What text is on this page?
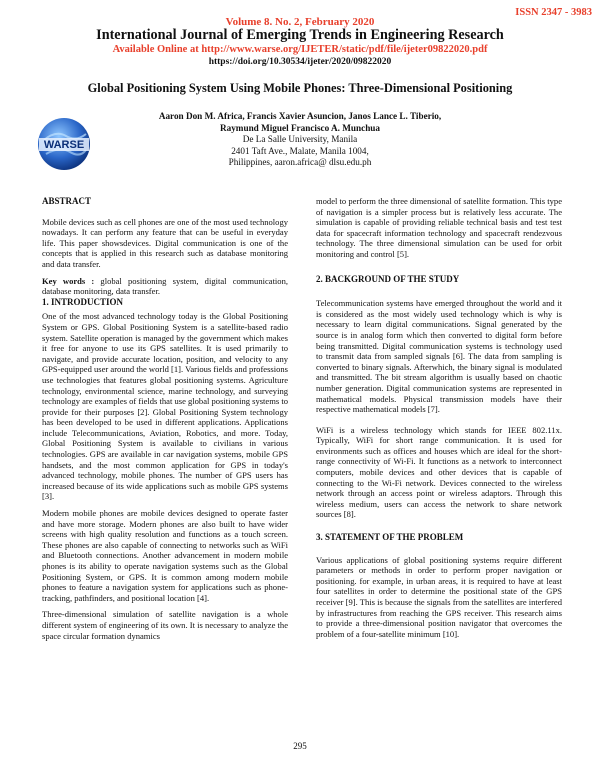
ISSN 2347 - 3983
Volume 8. No. 2, February 2020
International Journal of Emerging Trends in Engineering Research
Available Online at http://www.warse.org/IJETER/static/pdf/file/ijeter09822020.pdf
https://doi.org/10.30534/ijeter/2020/09822020
Global Positioning System Using Mobile Phones: Three-Dimensional Positioning
WARSE
Aaron Don M. Africa, Francis Xavier Asuncion, Janos Lance L. Tiberio,
Raymund Miguel Francisco A. Munchua
De La Salle University, Manila
2401 Taft Ave., Malate, Manila 1004,
Philippines, aaron.africa@ dlsu.edu.ph
ABSTRACT

Mobile devices such as cell phones are one of the most used technology nowadays. It can perform any feature that can be useful in everyday life. This paper showsdevices. Digital communication is one of the concepts that is applied in this research such as database monitoring and data transfer.

Key words : global positioning system, digital communication, database monitoring, data transfer.

1. INTRODUCTION

One of the most advanced technology today is the Global Positioning System or GPS. Global Positioning System is a satellite-based radio system. Satellite operation is managed by the government which makes it free for anyone to use its GPS satellites. It is used primarily to navigate, and provide accurate location, position, and velocity to any GPS-equipped user around the world [1]. Various fields and professions use technologies that features global positioning systems. Agriculture technology, environmental science, marine technology, and surveying technology are examples of fields that use global positioning systems to provide for their purposes [2]. Global Positioning System technology has been developed to be used in different applications. Applications include Telecommunications, Aviation, Robotics, and more. Today, Global Positioning System is available to civilians in various technologies. GPS are available in car navigation systems, mobile GPS handsets, and the most common application for GPS in today's advanced technology, mobile phones. The number of GPS users has increased because of its wide applications such as mobile GPS systems [3].

Modern mobile phones are mobile devices designed to operate faster and have more storage. Modern phones are also built to have wider screens with high quality resolution and functions as a touch screen. These phones are also capable of connecting to networks such as WiFi and Bluetooth connections. Another advancement in modern mobile phones is its ability to operate navigation systems such as the Global Positioning System, or GPS. It is common among modern mobile phones to feature a navigation system for applications such as phone-tracking, pathfinders, and positional location [4].

Three-dimensional simulation of satellite navigation is a whole different system of engineering of its own. It is necessary to analyze the space circular formation dynamics

model to perform the three dimensional of satellite formation. This type of navigation is a simpler process but is relatively less accurate. The simulation is capable of providing reliable technical basis and test test data for spacecraft information technology and spacecraft rendezvous technology. The three dimensional simulation can be used for orbit monitoring and control [5].

2. BACKGROUND OF THE STUDY

Telecommunication systems have emerged throughout the world and it is considered as the most widely used technology which is why is necessary to learn digital communications. Signal generated by the source is in analog form which then converted to digital form before being transmitted. Digital communication systems is technology used to transmit data from sampled signals [6]. The data from sampling is converted to binary signals. Afterwhich, the binary signal is modulated and transmitted. The bit stream algorithm is usually based on chaotic number generation. Digital communication systems are represented in mathematical models. Physical transmission models have their respective mathematical models [7].

WiFi is a wireless technology which stands for IEEE 802.11x. Typically, WiFi for short range communication. It is used for environments such as offices and houses which are ideal for the short-range connectivity of Wi-Fi. It functions as a network to interconnect computers, mobile devices and other devices that is capable of connecting to the Wi-Fi network. Devices connected to the wireless network through an access point or wireless adaptors. Through this wireless medium, users can access the network to share network sources [8].

3. STATEMENT OF THE PROBLEM

Various applications of global positioning systems require different parameters or methods in order to perform proper navigation or positioning. for example, in urban areas, it is required to have at least four satellites in order to determine the positional state of the GPS receiver [9]. This is because the signals from the satellites are interfered by infrastructures from reaching the GPS receiver. This research aims to provide a three-dimensional position navigator that overcomes the problem of a four-satellite minimum [10].

295
